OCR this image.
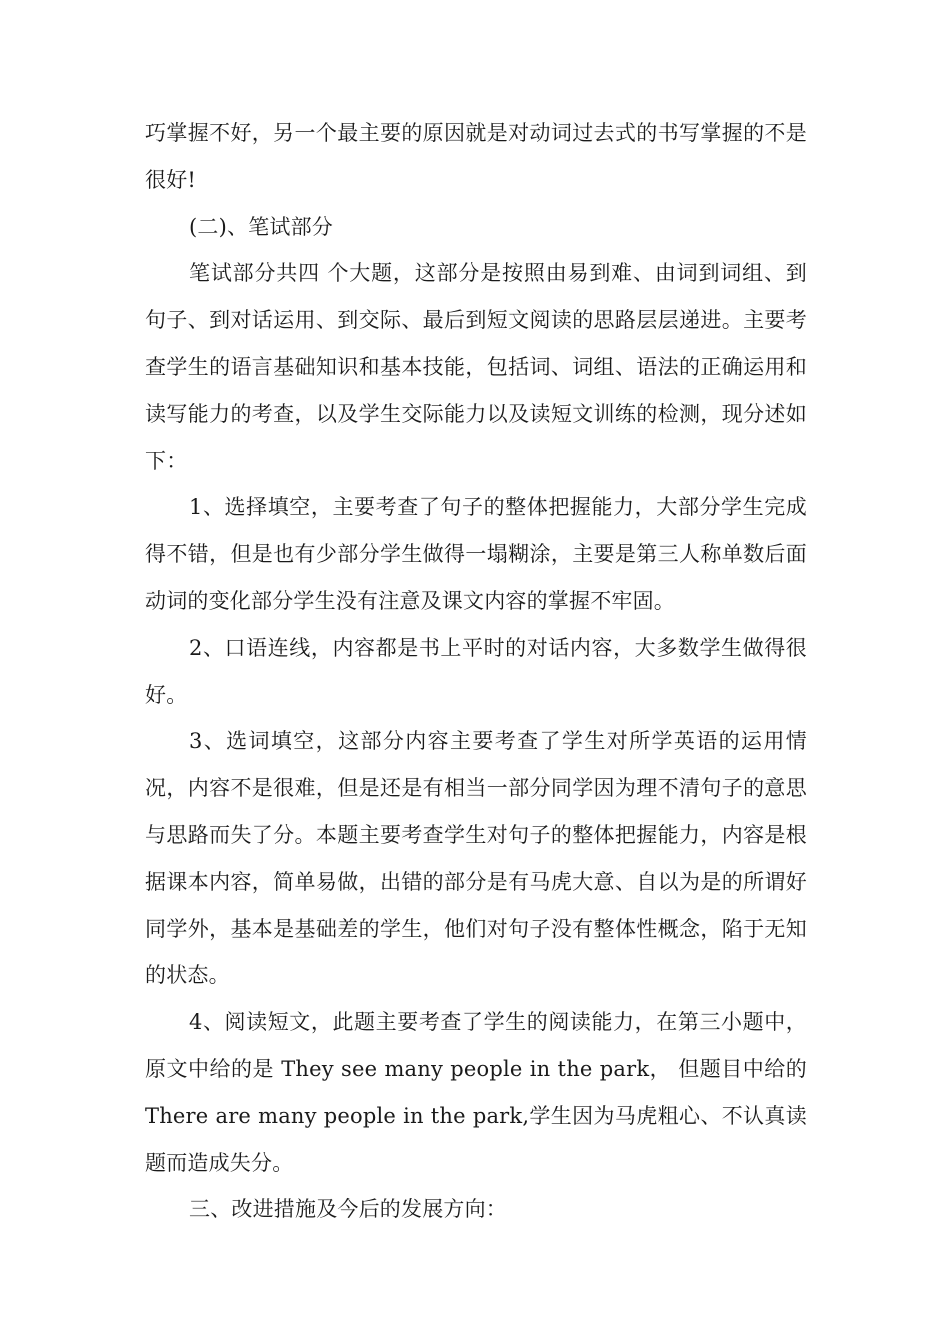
巧掌握不好，另一个最主要的原因就是对动词过去式的书写掌握的不是很好!

(二)、笔试部分

笔试部分共四 个大题，这部分是按照由易到难、由词到词组、到句子、到对话运用、到交际、最后到短文阅读的思路层层递进。主要考查学生的语言基础知识和基本技能，包括词、词组、语法的正确运用和读写能力的考查，以及学生交际能力以及读短文训练的检测，现分述如下：

1、选择填空，主要考查了句子的整体把握能力，大部分学生完成得不错，但是也有少部分学生做得一塌糊涂，主要是第三人称单数后面动词的变化部分学生没有注意及课文内容的掌握不牢固。

2、口语连线，内容都是书上平时的对话内容，大多数学生做得很好。

3、选词填空，这部分内容主要考查了学生对所学英语的运用情况，内容不是很难，但是还是有相当一部分同学因为理不清句子的意思与思路而失了分。本题主要考查学生对句子的整体把握能力，内容是根据课本内容，简单易做，出错的部分是有马虎大意、自以为是的所谓好同学外，基本是基础差的学生，他们对句子没有整体性概念，陷于无知的状态。

4、阅读短文，此题主要考查了学生的阅读能力，在第三小题中，原文中给的是 They see many people in the park， 但题目中给的 There are many people in the park,学生因为马虎粗心、不认真读题而造成失分。

三、改进措施及今后的发展方向：
